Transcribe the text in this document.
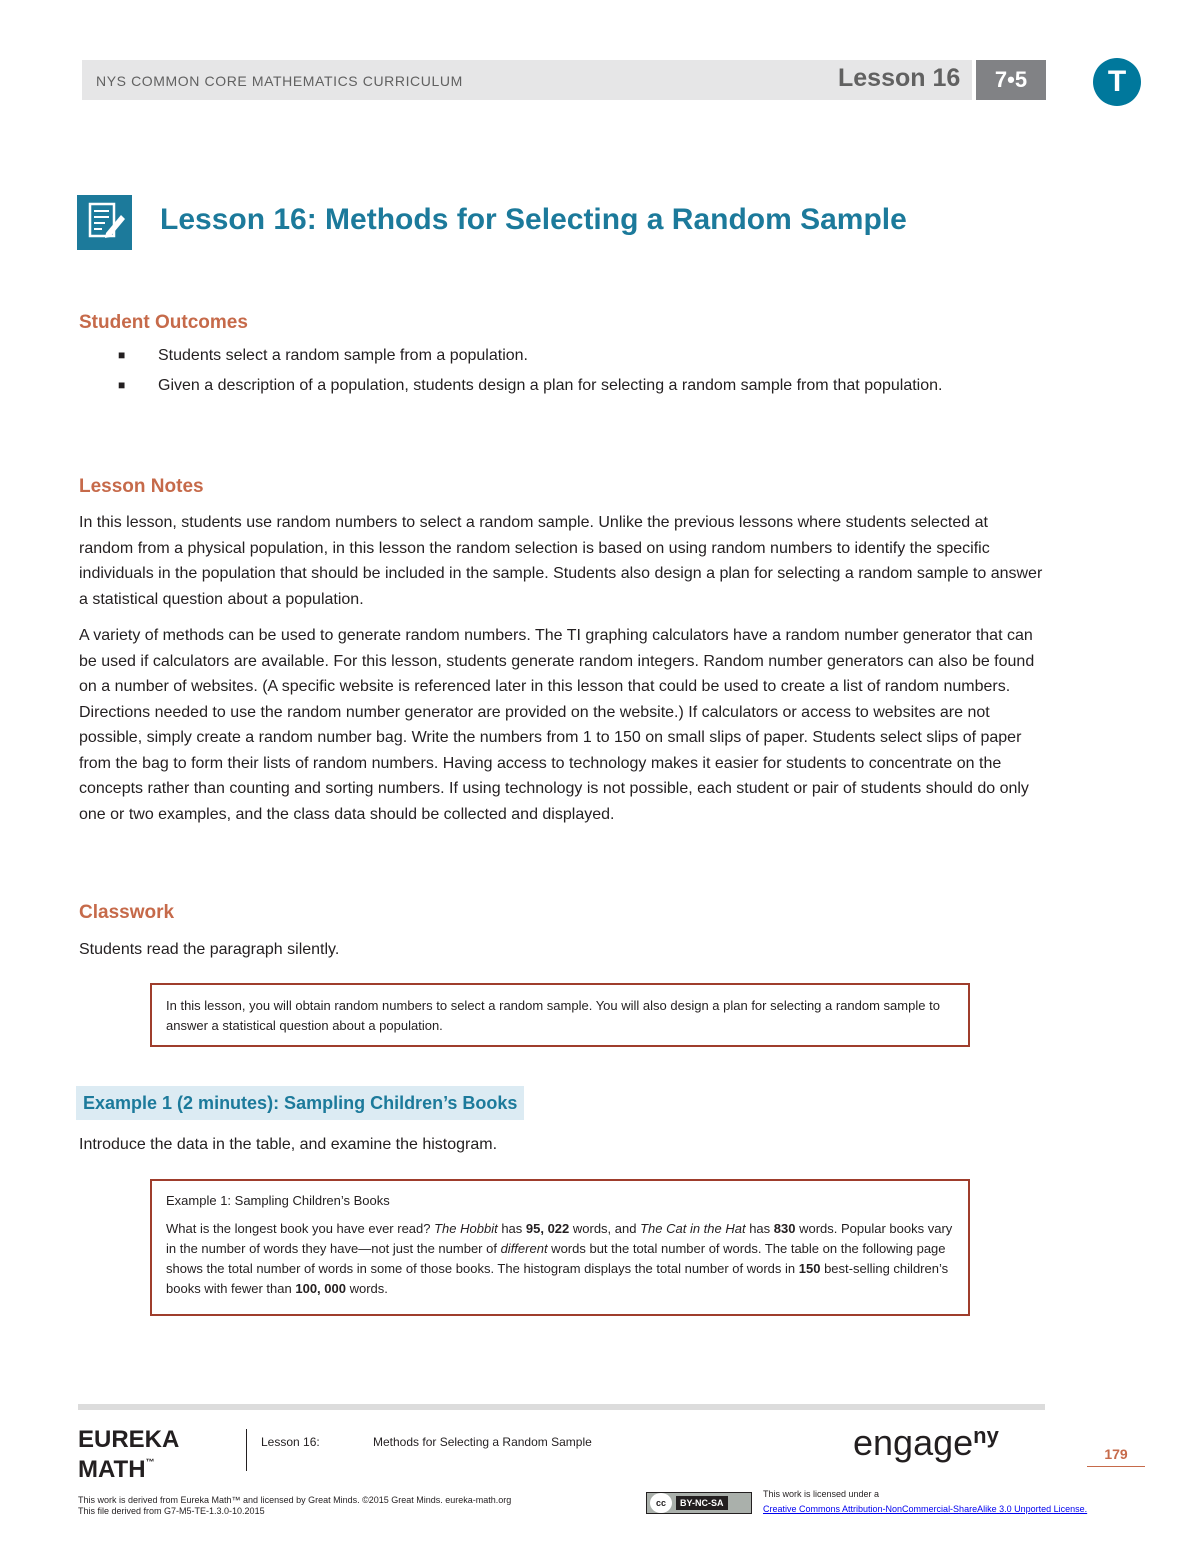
NYS COMMON CORE MATHEMATICS CURRICULUM	Lesson 16	7•5	T
Lesson 16: Methods for Selecting a Random Sample
Student Outcomes
■ Students select a random sample from a population.
■ Given a description of a population, students design a plan for selecting a random sample from that population.
Lesson Notes

In this lesson, students use random numbers to select a random sample. Unlike the previous lessons where students selected at random from a physical population, in this lesson the random selection is based on using random numbers to identify the specific individuals in the population that should be included in the sample. Students also design a plan for selecting a random sample to answer a statistical question about a population.

A variety of methods can be used to generate random numbers. The TI graphing calculators have a random number generator that can be used if calculators are available. For this lesson, students generate random integers. Random number generators can also be found on a number of websites. (A specific website is referenced later in this lesson that could be used to create a list of random numbers. Directions needed to use the random number generator are provided on the website.) If calculators or access to websites are not possible, simply create a random number bag. Write the numbers from 1 to 150 on small slips of paper. Students select slips of paper from the bag to form their lists of random numbers. Having access to technology makes it easier for students to concentrate on the concepts rather than counting and sorting numbers. If using technology is not possible, each student or pair of students should do only one or two examples, and the class data should be collected and displayed.

Classwork

Students read the paragraph silently.

In this lesson, you will obtain random numbers to select a random sample. You will also design a plan for selecting a random sample to answer a statistical question about a population.

Example 1 (2 minutes): Sampling Children’s Books

Introduce the data in the table, and examine the histogram.

Example 1: Sampling Children’s Books

What is the longest book you have ever read? The Hobbit has 95, 022 words, and The Cat in the Hat has 830 words. Popular books vary in the number of words they have—not just the number of different words but the total number of words. The table on the following page shows the total number of words in some of those books. The histogram displays the total number of words in 150 best-selling children’s books with fewer than 100, 000 words.

EUREKA
MATH™
Lesson 16:	Methods for Selecting a Random Sample	engage$^{ny}$
179
This work is derived from Eureka Math™ and licensed by Great Minds. ©2015 Great Minds. eureka-math.org
This file derived from G7-M5-TE-1.3.0-10.2015
cc	BY-NC-SA
This work is licensed under a
Creative Commons Attribution-NonCommercial-ShareAlike 3.0 Unported License.
